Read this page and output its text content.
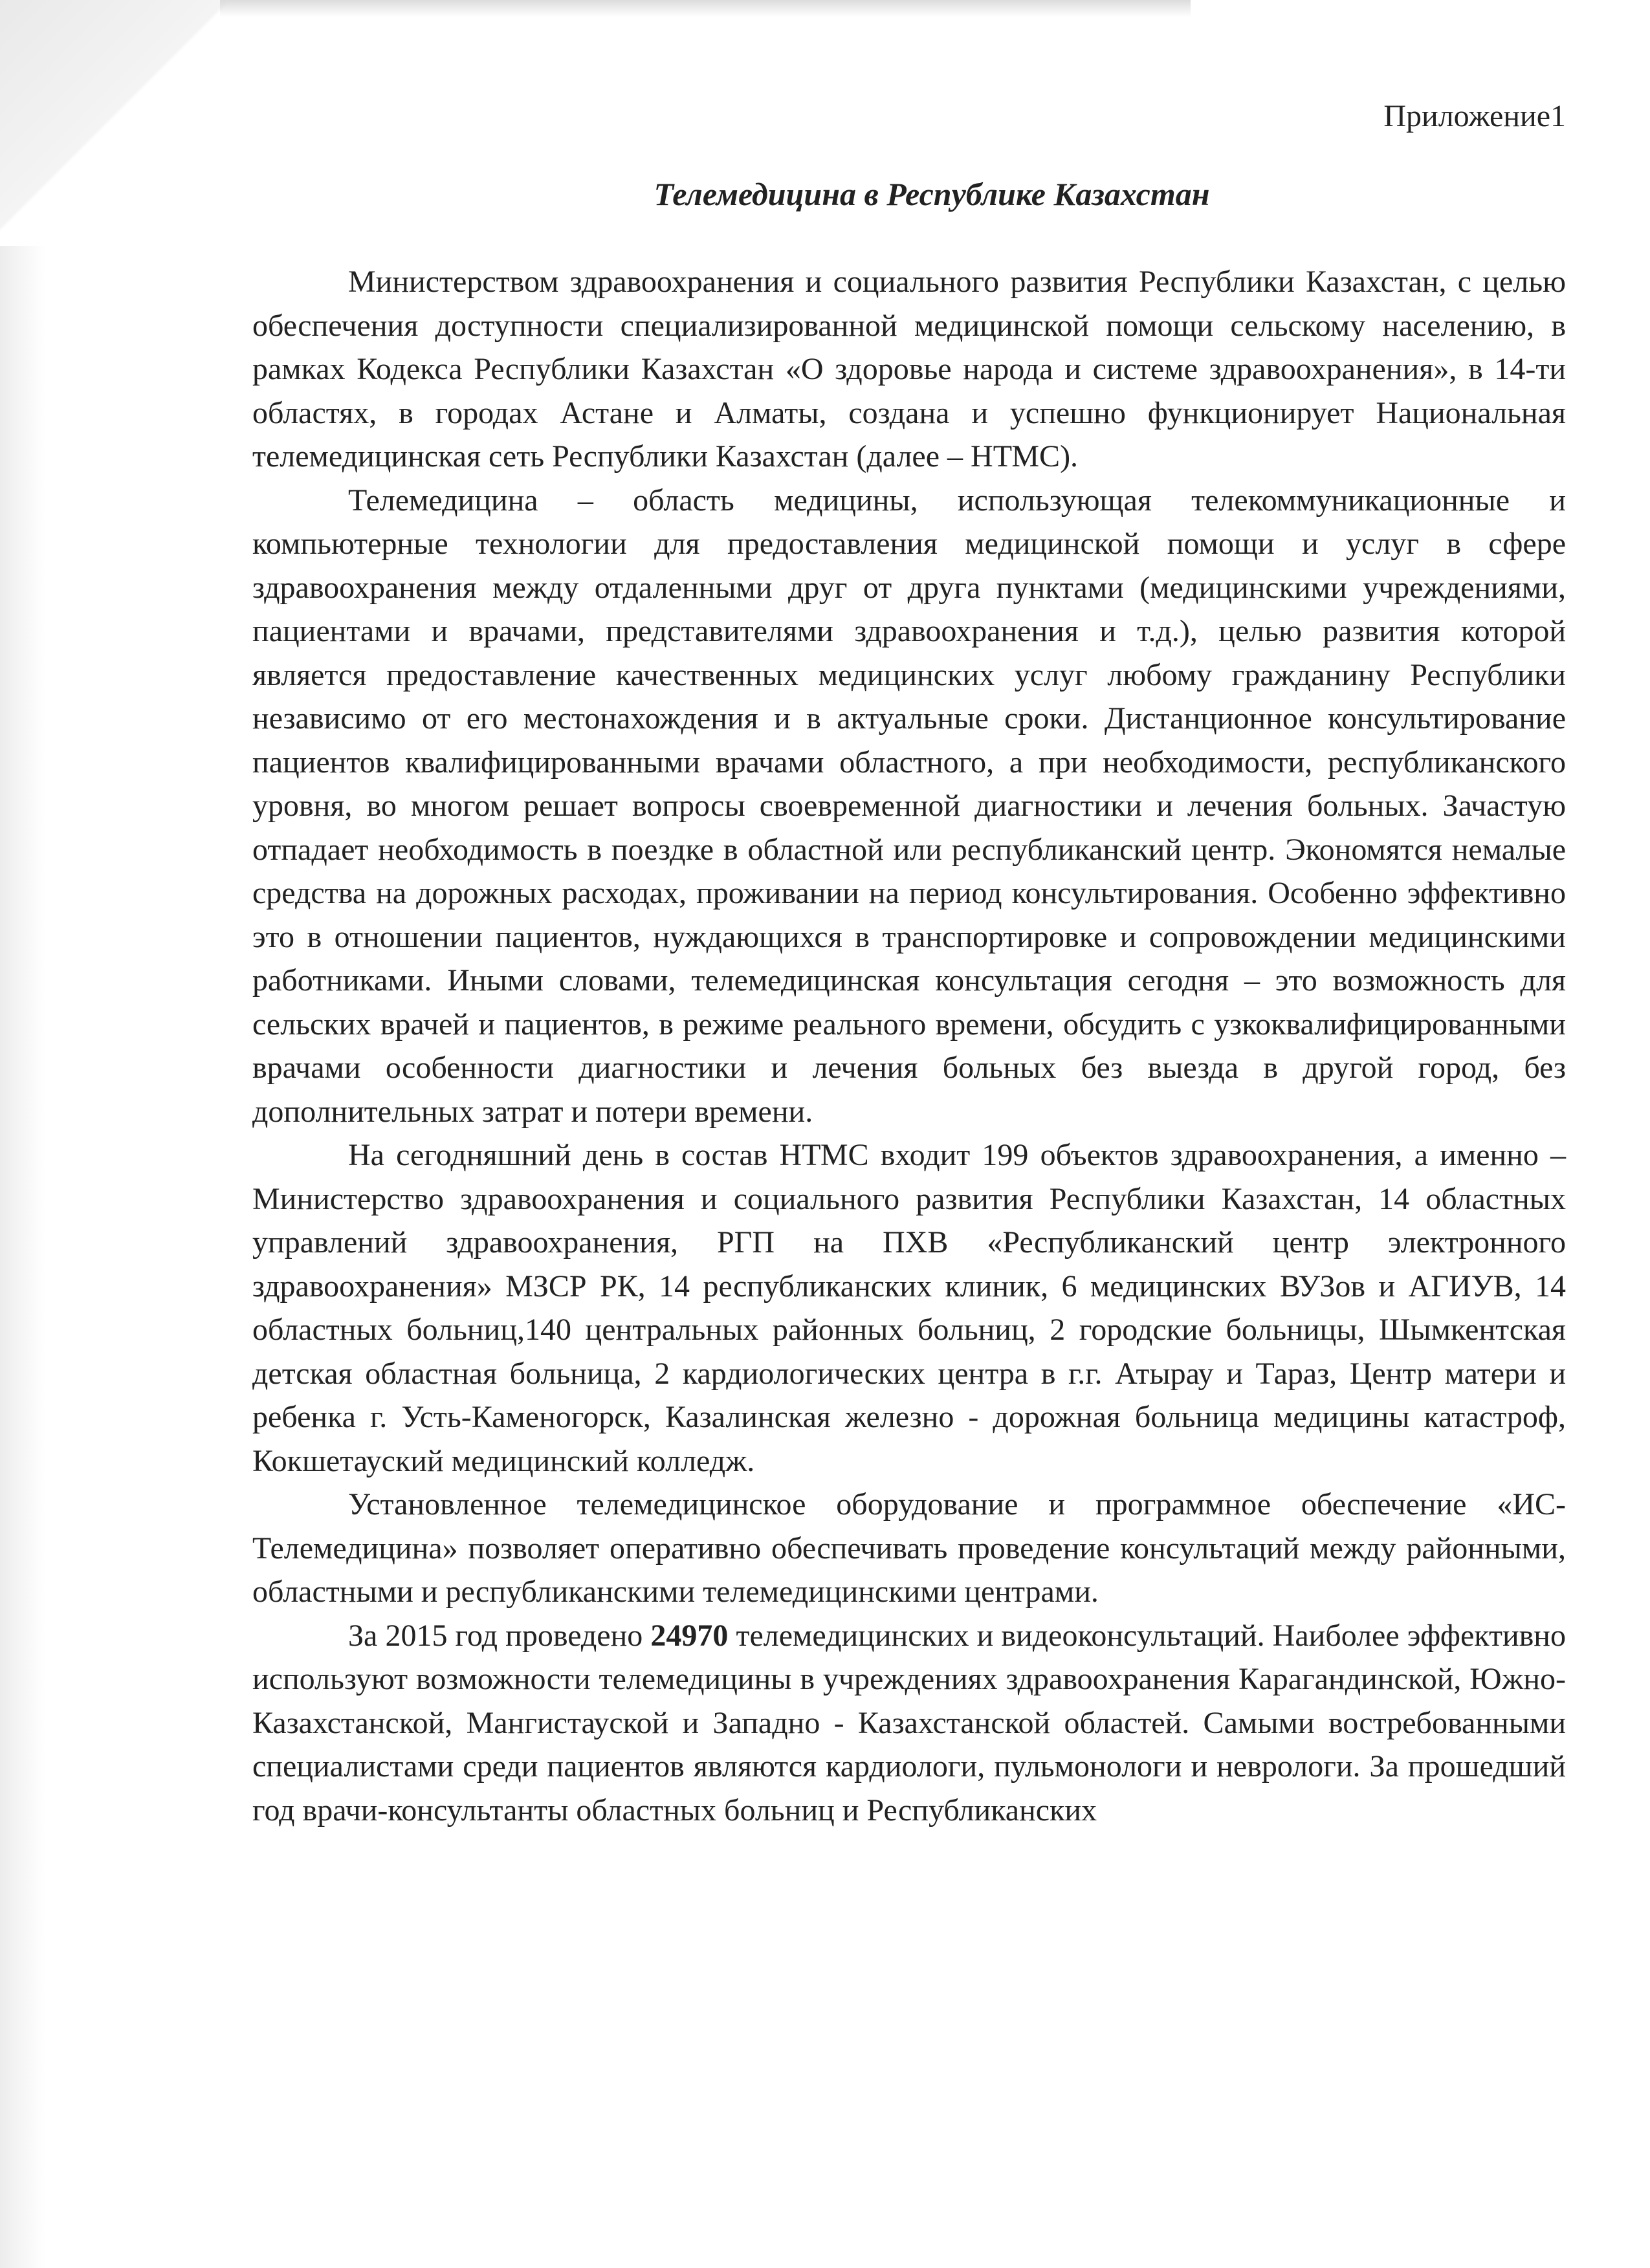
Приложение1
Телемедицина в Республике Казахстан

Министерством здравоохранения и социального развития Республики Казахстан, с целью обеспечения доступности специализированной медицинской помощи сельскому населению, в рамках Кодекса Республики Казахстан «О здоровье народа и системе здравоохранения», в 14-ти областях, в городах Астане и Алматы, создана и успешно функционирует Национальная телемедицинская сеть Республики Казахстан (далее – НТМС).

Телемедицина – область медицины, использующая телекоммуникационные и компьютерные технологии для предоставления медицинской помощи и услуг в сфере здравоохранения между отдаленными друг от друга пунктами (медицинскими учреждениями, пациентами и врачами, представителями здравоохранения и т.д.), целью развития которой является предоставление качественных медицинских услуг любому гражданину Республики независимо от его местонахождения и в актуальные сроки. Дистанционное консультирование пациентов квалифицированными врачами областного, а при необходимости, республиканского уровня, во многом решает вопросы своевременной диагностики и лечения больных. Зачастую отпадает необходимость в поездке в областной или республиканский центр. Экономятся немалые средства на дорожных расходах, проживании на период консультирования. Особенно эффективно это в отношении пациентов, нуждающихся в транспортировке и сопровождении медицинскими работниками. Иными словами, телемедицинская консультация сегодня – это возможность для сельских врачей и пациентов, в режиме реального времени, обсудить с узкоквалифицированными врачами особенности диагностики и лечения больных без выезда в другой город, без дополнительных затрат и потери времени.

На сегодняшний день в состав НТМС входит 199 объектов здравоохранения, а именно – Министерство здравоохранения и социального развития Республики Казахстан, 14 областных управлений здравоохранения, РГП на ПХВ «Республиканский центр электронного здравоохранения» МЗСР РК, 14 республиканских клиник, 6 медицинских ВУЗов и АГИУВ, 14 областных больниц,140 центральных районных больниц, 2 городские больницы, Шымкентская детская областная больница, 2 кардиологических центра в г.г. Атырау и Тараз, Центр матери и ребенка г. Усть-Каменогорск, Казалинская железно - дорожная больница медицины катастроф, Кокшетауский медицинский колледж.

Установленное телемедицинское оборудование и программное обеспечение «ИС-Телемедицина» позволяет оперативно обеспечивать проведение консультаций между районными, областными и республиканскими телемедицинскими центрами.

За 2015 год проведено 24970 телемедицинских и видеоконсультаций. Наиболее эффективно используют возможности телемедицины в учреждениях здравоохранения Карагандинской, Южно-Казахстанской, Мангистауской и Западно - Казахстанской областей. Самыми востребованными специалистами среди пациентов являются кардиологи, пульмонологи и неврологи. За прошедший год врачи-консультанты областных больниц и Республиканских
